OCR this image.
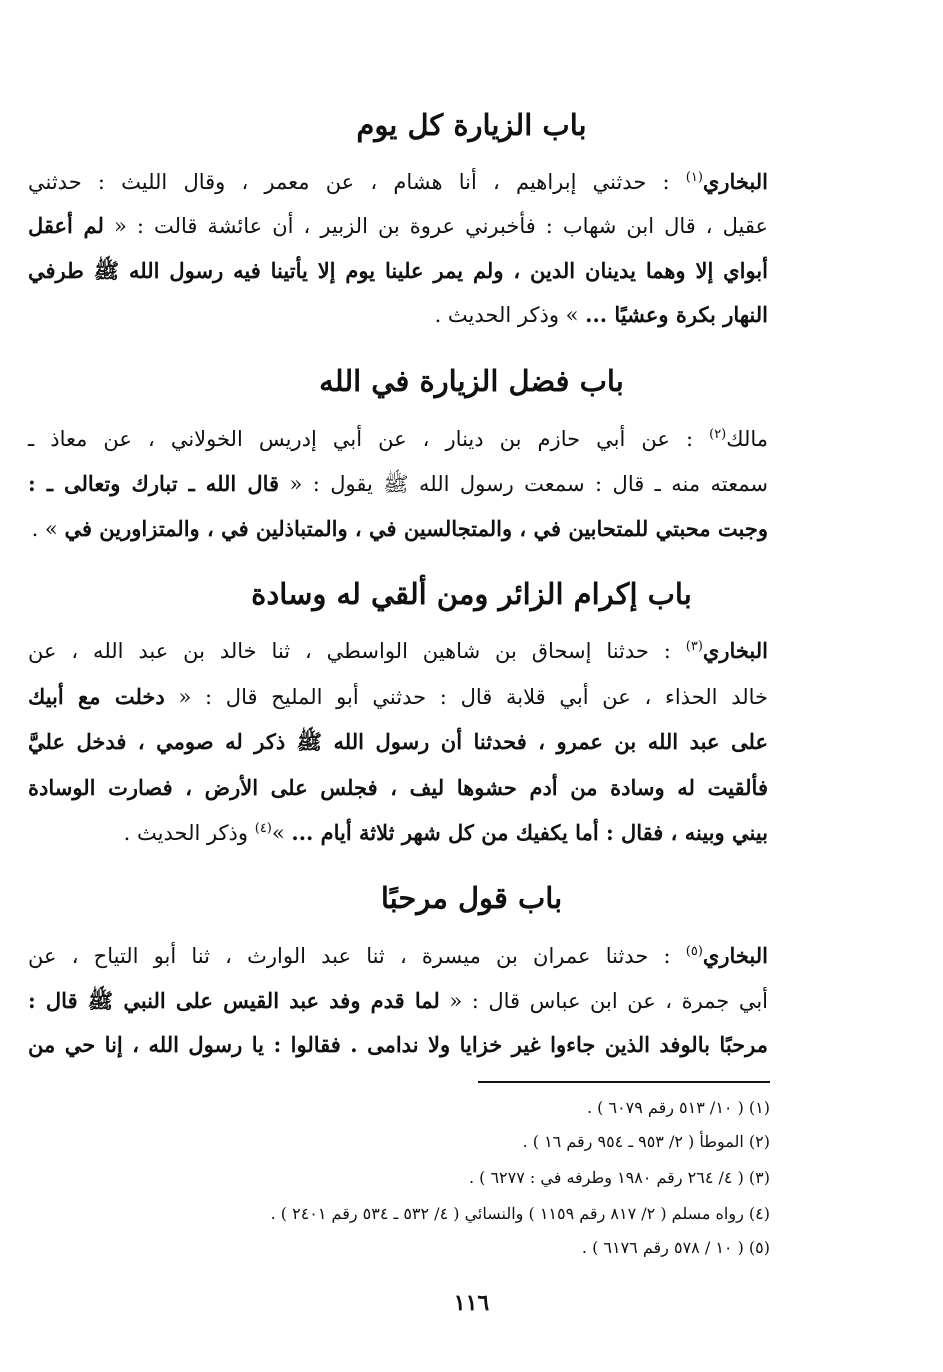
باب الزيارة كل يوم
البخاري$^{(١)}$ : حدثني إبراهيم ، أنا هشام ، عن معمر ، وقال الليث : حدثني
عقيل ، قال ابن شهاب : فأخبرني عروة بن الزبير ، أن عائشة قالت : « لم أعقل
أبواي إلا وهما يدينان الدين ، ولم يمر علينا يوم إلا يأتينا فيه رسول الله ﷺ طرفي
النهار بكرة وعشيًا ... » وذكر الحديث .
باب فضل الزيارة في الله
مالك$^{(٢)}$ : عن أبي حازم بن دينار ، عن أبي إدريس الخولاني ، عن معاذ ـ
سمعته منه ـ قال : سمعت رسول الله ﷺ يقول : « قال الله ـ تبارك وتعالى ـ :
وجبت محبتي للمتحابين في ، والمتجالسين في ، والمتباذلين في ، والمتزاورين في » .
باب إكرام الزائر ومن ألقي له وسادة
البخاري$^{(٣)}$ : حدثنا إسحاق بن شاهين الواسطي ، ثنا خالد بن عبد الله ، عن
خالد الحذاء ، عن أبي قلابة قال : حدثني أبو المليح قال : « دخلت مع أبيك
على عبد الله بن عمرو ، فحدثنا أن رسول الله ﷺ ذكر له صومي ، فدخل عليَّ
فألقيت له وسادة من أدم حشوها ليف ، فجلس على الأرض ، فصارت الوسادة
بيني وبينه ، فقال : أما يكفيك من كل شهر ثلاثة أيام ... »$^{(٤)}$ وذكر الحديث .
باب قول مرحبًا
البخاري$^{(٥)}$ : حدثنا عمران بن ميسرة ، ثنا عبد الوارث ، ثنا أبو التياح ، عن
أبي جمرة ، عن ابن عباس قال : « لما قدم وفد عبد القيس على النبي ﷺ قال :
مرحبًا بالوفد الذين جاءوا غير خزايا ولا ندامى . فقالوا : يا رسول الله ، إنا حي من
(١) ( ١٠/ ٥١٣ رقم ٦٠٧٩ ) .
(٢) الموطأ ( ٢/ ٩٥٣ ـ ٩٥٤ رقم ١٦ ) .
(٣) ( ٤/ ٢٦٤ رقم ١٩٨٠ وطرفه في : ٦٢٧٧ ) .
(٤) رواه مسلم ( ٢/ ٨١٧ رقم ١١٥٩ ) والنسائي ( ٤/ ٥٣٢ ـ ٥٣٤ رقم ٢٤٠١ ) .
(٥) ( ١٠ / ٥٧٨ رقم ٦١٧٦ ) .
١١٦
